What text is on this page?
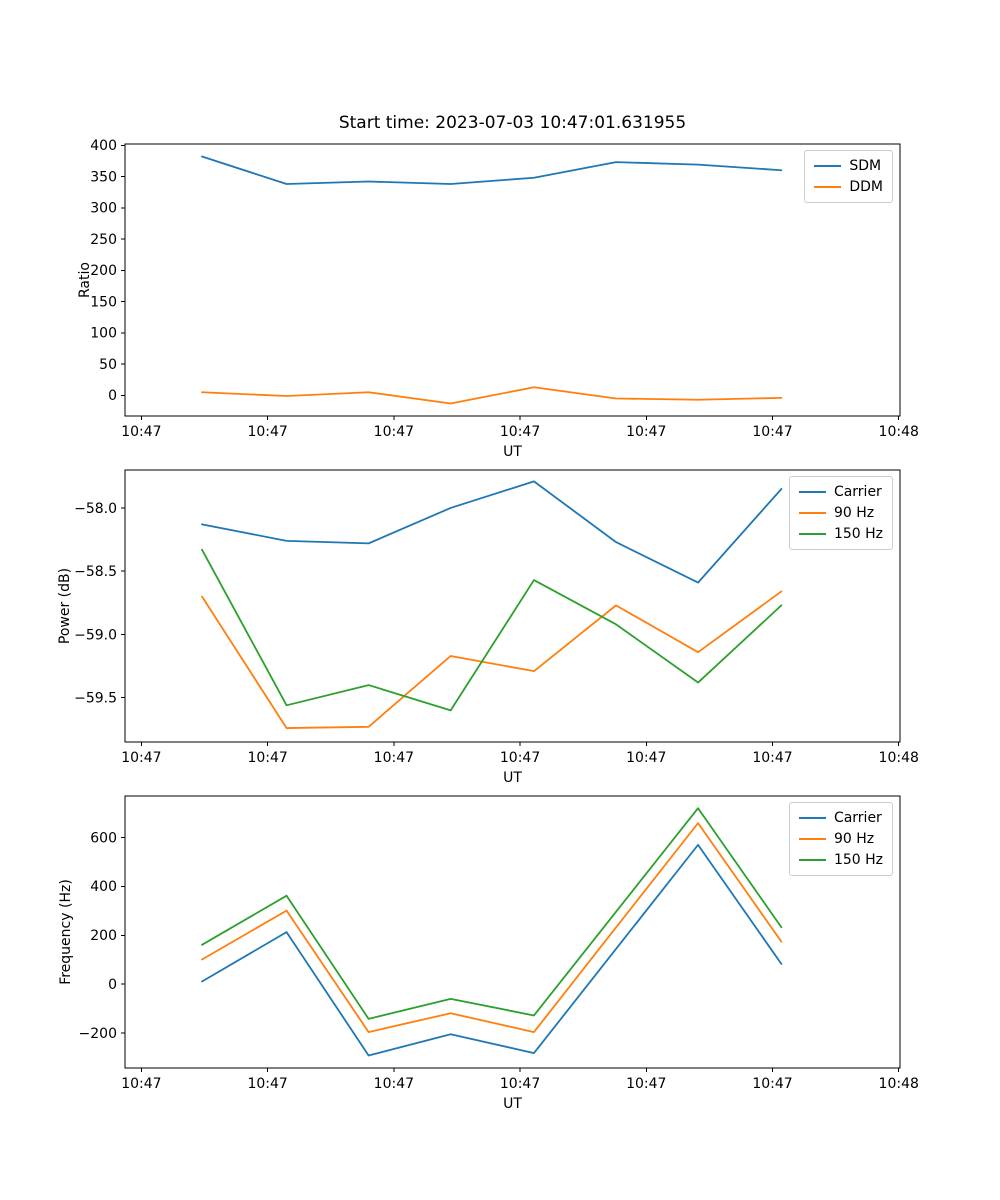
Start time: 2023-07-03 10:47:01.631955
0
50
100
150
200
250
300
350
400
10:47	10:47	10:47	10:47	10:47	10:47	10:48
UT
Ratio
−58.0
−58.5
−59.0
−59.5
10:47	10:47	10:47	10:47	10:47	10:47	10:48
UT
Power (dB)
−200
0
200
400
600
10:47	10:47	10:47	10:47	10:47	10:47	10:48
UT
Frequency (Hz)
SDM
DDM
Carrier
90 Hz
150 Hz
Carrier
90 Hz
150 Hz
